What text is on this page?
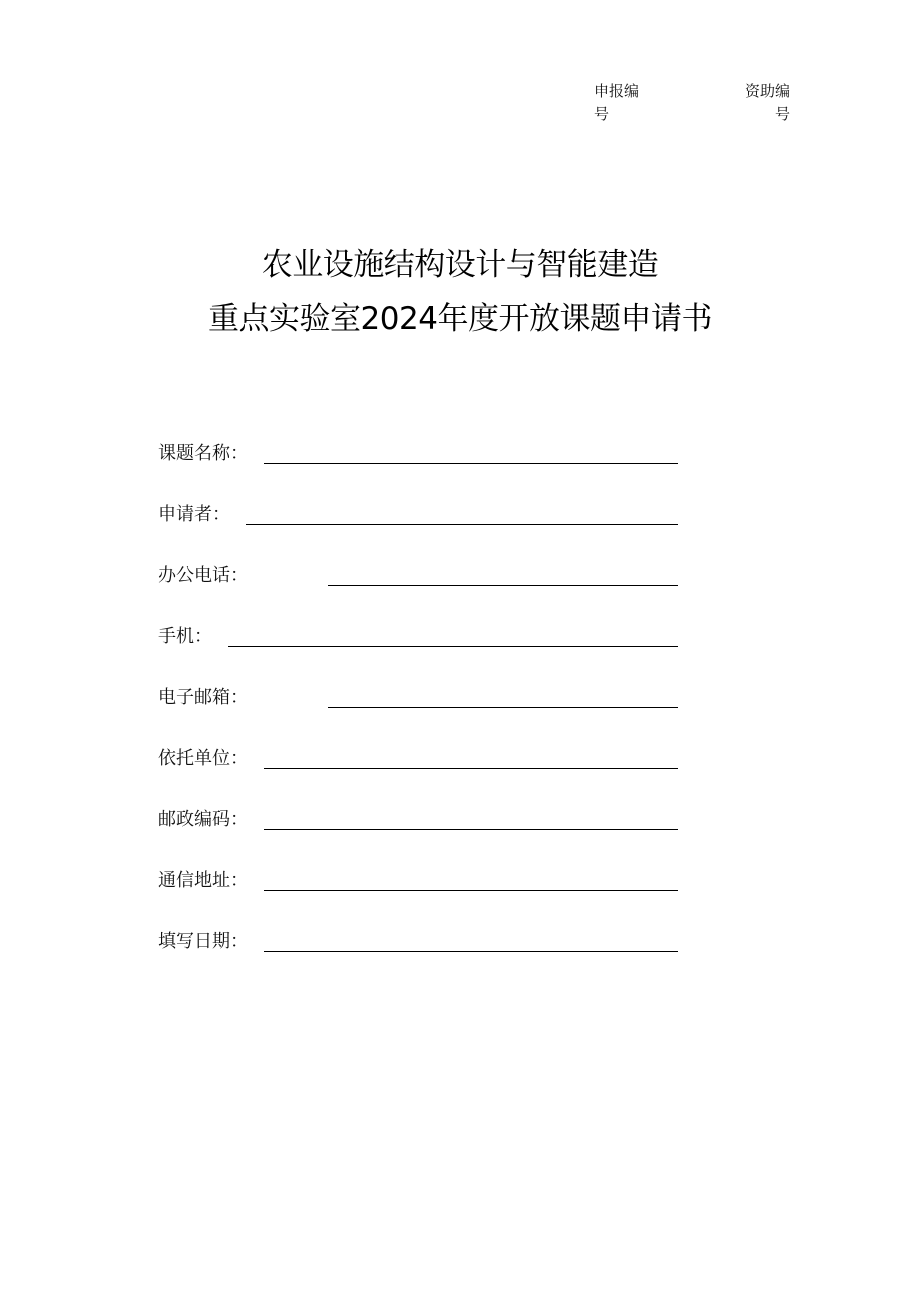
申报编
号
资助编
号
农业设施结构设计与智能建造
重点实验室2024年度开放课题申请书
课题名称：
申请者：
办公电话：
手机：
电子邮箱：
依托单位：
邮政编码：
通信地址：
填写日期：
